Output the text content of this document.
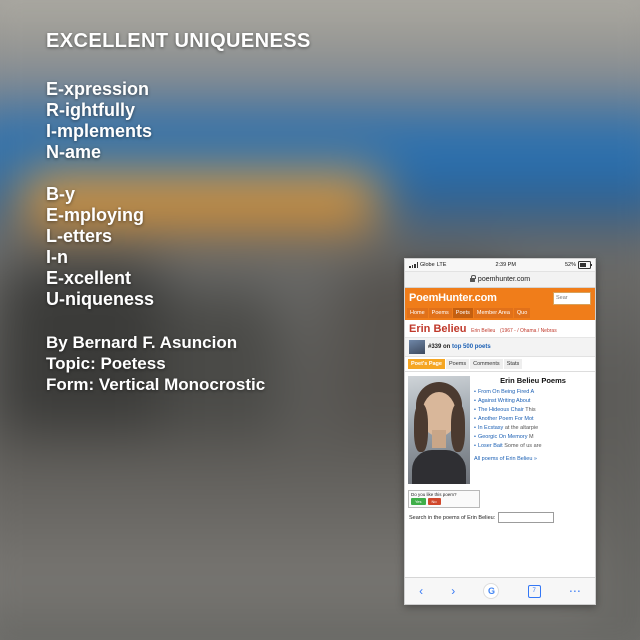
EXCELLENT UNIQUENESS
E-xpression
R-ightfully
I-mplements
N-ame
B-y
E-mploying
L-etters
I-n
E-xcellent
U-niqueness
By Bernard F. Asuncion
Topic: Poetess
Form: Vertical Monocrostic
Globe LTE	2:39 PM	52%
poemhunter.com
PoemHunter.com	Sear
Home	Poems	Poets	Member Area	Quo
Erin Belieu Erin Belieu (1967 - / Ohama / Nebras
#339 on top 500 poets
Poet's Page	Poems	Comments	Stats
Erin Belieu Poems
• From On Being Fired A
• Against Writing About
• The Hideous Chair This
• Another Poem For Mot
• In Ecstasy at the altarpie
• Georgic On Memory M
• Loser Bait Some of us are
All poems of Erin Belieu »
Do you like this poem?
Yes	No
Search in the poems of Erin Belieu:
‹ ›	G	7	⋯
